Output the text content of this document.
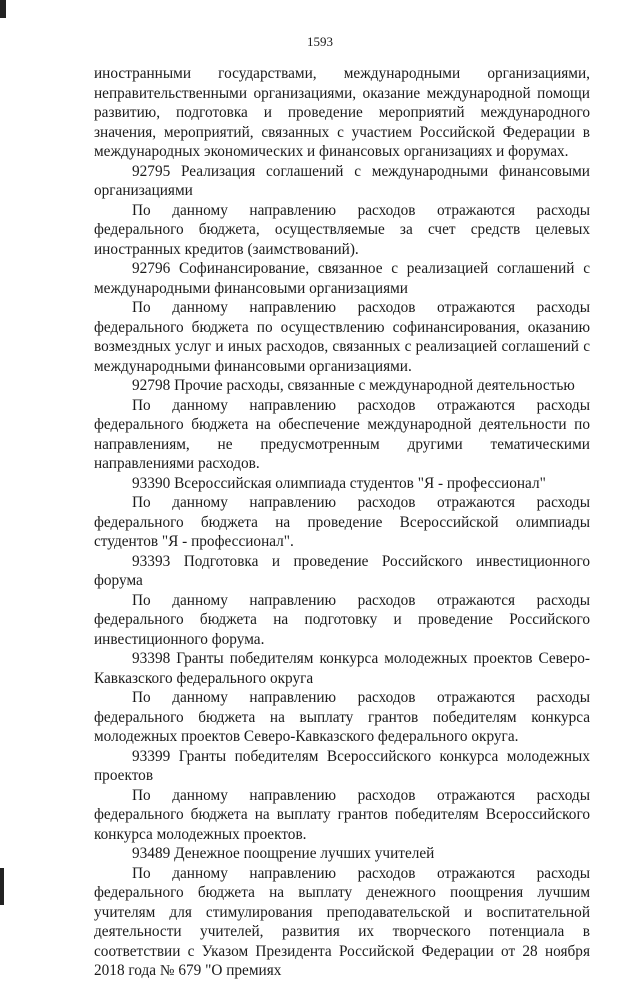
1593

иностранными государствами, международными организациями, неправительственными организациями, оказание международной помощи развитию, подготовка и проведение мероприятий международного значения, мероприятий, связанных с участием Российской Федерации в международных экономических и финансовых организациях и форумах.

92795 Реализация соглашений с международными финансовыми организациями

По данному направлению расходов отражаются расходы федерального бюджета, осуществляемые за счет средств целевых иностранных кредитов (заимствований).

92796 Софинансирование, связанное с реализацией соглашений с международными финансовыми организациями

По данному направлению расходов отражаются расходы федерального бюджета по осуществлению софинансирования, оказанию возмездных услуг и иных расходов, связанных с реализацией соглашений с международными финансовыми организациями.

92798 Прочие расходы, связанные с международной деятельностью

По данному направлению расходов отражаются расходы федерального бюджета на обеспечение международной деятельности по направлениям, не предусмотренным другими тематическими направлениями расходов.

93390 Всероссийская олимпиада студентов "Я - профессионал"

По данному направлению расходов отражаются расходы федерального бюджета на проведение Всероссийской олимпиады студентов "Я - профессионал".

93393 Подготовка и проведение Российского инвестиционного форума

По данному направлению расходов отражаются расходы федерального бюджета на подготовку и проведение Российского инвестиционного форума.

93398 Гранты победителям конкурса молодежных проектов Северо-Кавказского федерального округа

По данному направлению расходов отражаются расходы федерального бюджета на выплату грантов победителям конкурса молодежных проектов Северо-Кавказского федерального округа.

93399 Гранты победителям Всероссийского конкурса молодежных проектов

По данному направлению расходов отражаются расходы федерального бюджета на выплату грантов победителям Всероссийского конкурса молодежных проектов.

93489 Денежное поощрение лучших учителей

По данному направлению расходов отражаются расходы федерального бюджета на выплату денежного поощрения лучшим учителям для стимулирования преподавательской и воспитательной деятельности учителей, развития их творческого потенциала в соответствии с Указом Президента Российской Федерации от 28 ноября 2018 года № 679 "О премиях
